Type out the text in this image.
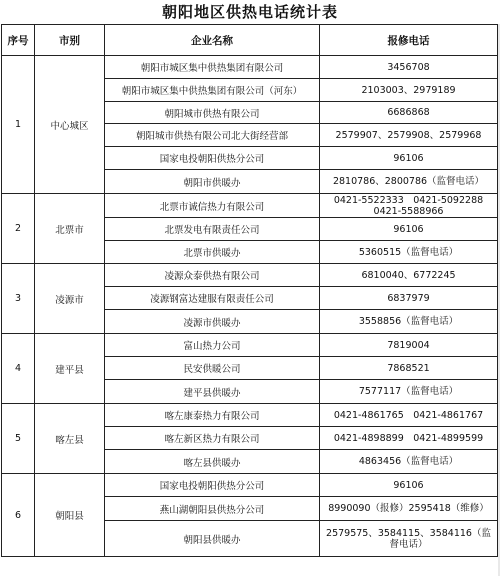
朝阳地区供热电话统计表
序号	市别	企业名称	报修电话
1	中心城区	朝阳市城区集中供热集团有限公司	3456708
		朝阳市城区集中供热集团有限公司（河东）	2103003、2979189
		朝阳城市供热有限公司	6686868
		朝阳城市供热有限公司北大街经营部	2579907、2579908、2579968
		国家电投朝阳供热分公司	96106
		朝阳市供暖办	2810786、2800786（监督电话）
2	北票市	北票市诚信热力有限公司	0421-5522333　0421-5092288　0421-5588966
		北票发电有限责任公司	96106
		北票市供暖办	5360515（监督电话）
3	凌源市	凌源众泰供热有限公司	6810040、6772245
		凌源钢富达建服有限责任公司	6837979
		凌源市供暖办	3558856（监督电话）
4	建平县	富山热力公司	7819004
		民安供暖公司	7868521
		建平县供暖办	7577117（监督电话）
5	喀左县	喀左康泰热力有限公司	0421-4861765　0421-4861767
		喀左新区热力有限公司	0421-4898899　0421-4899599
		喀左县供暖办	4863456（监督电话）
6	朝阳县	国家电投朝阳供热分公司	96106
		燕山湖朝阳县供热分公司	8990090（报修）2595418（维修）
		朝阳县供暖办	2579575、3584115、3584116（监督电话）
